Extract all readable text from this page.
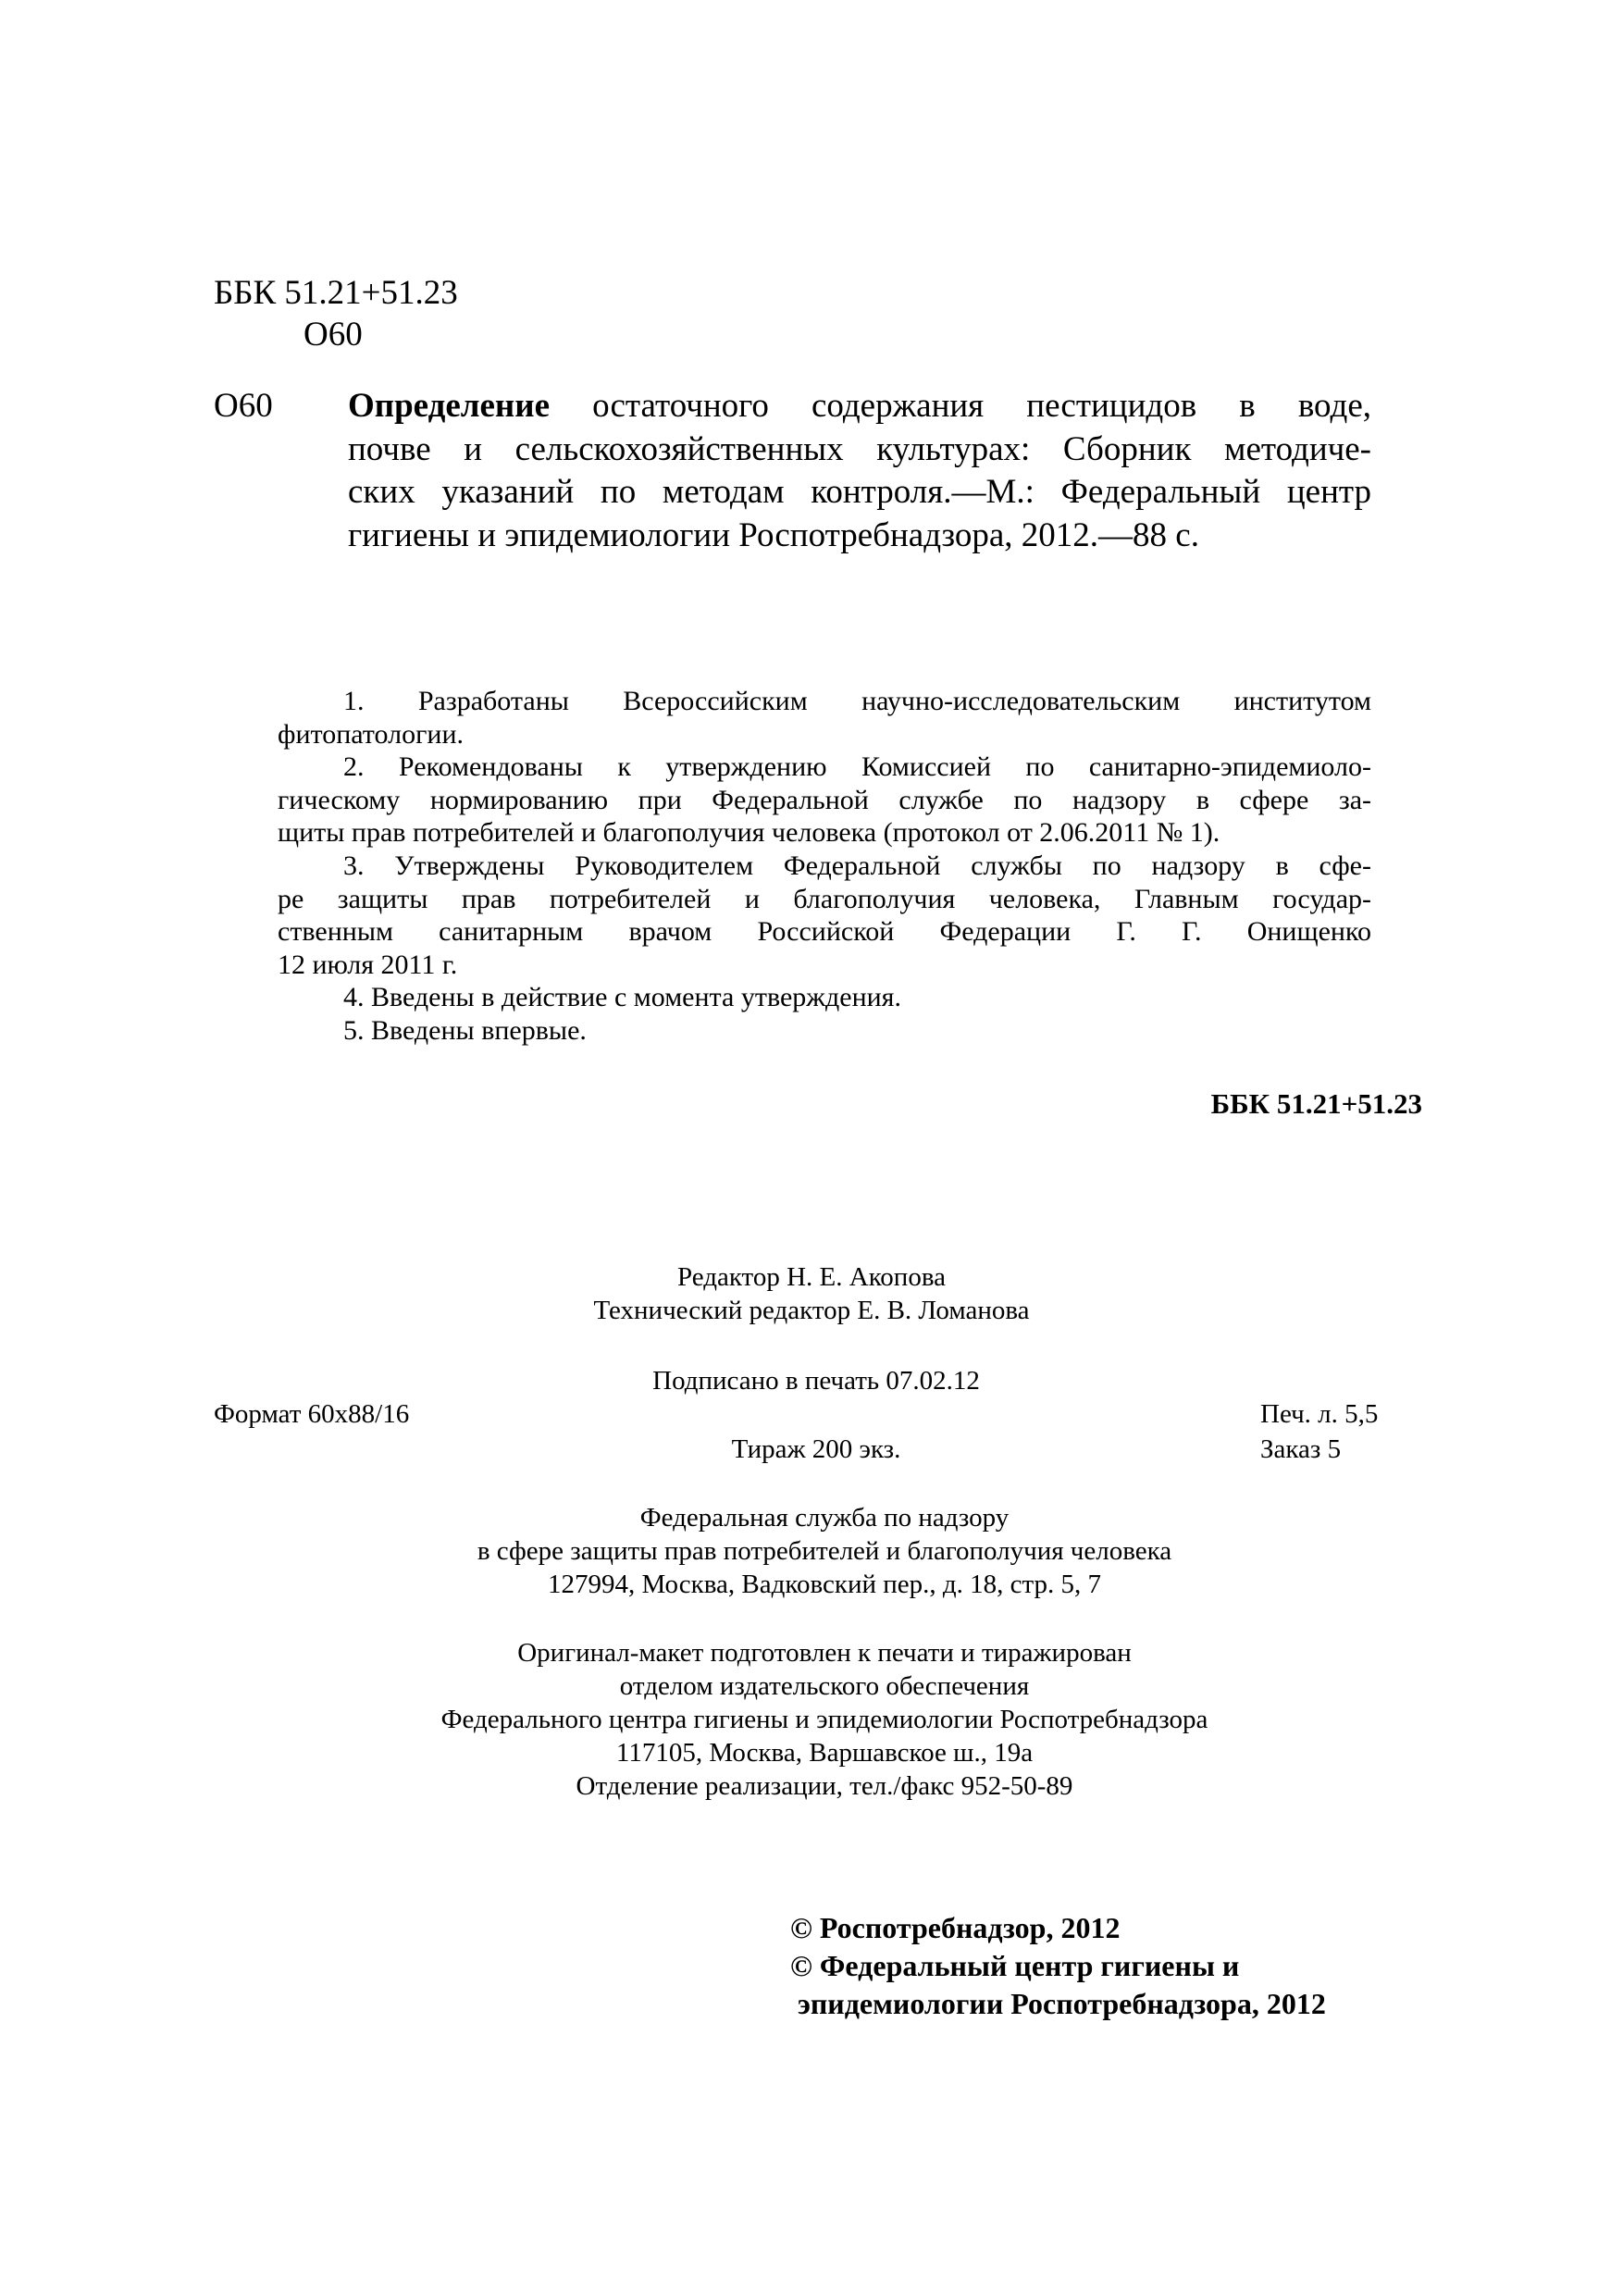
ББК 51.21+51.23
О60
О60 Определение остаточного содержания пестицидов в воде,
почве и сельскохозяйственных культурах: Сборник методиче-
ских указаний по методам контроля.—М.: Федеральный центр
гигиены и эпидемиологии Роспотребнадзора, 2012.—88 с.
1. Разработаны Всероссийским научно-исследовательским институтом
фитопатологии.
2. Рекомендованы к утверждению Комиссией по санитарно-эпидемиоло-
гическому нормированию при Федеральной службе по надзору в сфере за-
щиты прав потребителей и благополучия человека (протокол от 2.06.2011 № 1).
3. Утверждены Руководителем Федеральной службы по надзору в сфе-
ре защиты прав потребителей и благополучия человека, Главным государ-
ственным санитарным врачом Российской Федерации Г. Г. Онищенко
12 июля 2011 г.
4. Введены в действие с момента утверждения.
5. Введены впервые.
ББК 51.21+51.23
Редактор Н. Е. Акопова
Технический редактор Е. В. Ломанова
Подписано в печать 07.02.12
Формат 60x88/16	Печ. л. 5,5
Тираж 200 экз.	Заказ 5
Федеральная служба по надзору
в сфере защиты прав потребителей и благополучия человека
127994, Москва, Вадковский пер., д. 18, стр. 5, 7
Оригинал-макет подготовлен к печати и тиражирован
отделом издательского обеспечения
Федерального центра гигиены и эпидемиологии Роспотребнадзора
117105, Москва, Варшавское ш., 19а
Отделение реализации, тел./факс 952-50-89
© Роспотребнадзор, 2012
© Федеральный центр гигиены и
эпидемиологии Роспотребнадзора, 2012
